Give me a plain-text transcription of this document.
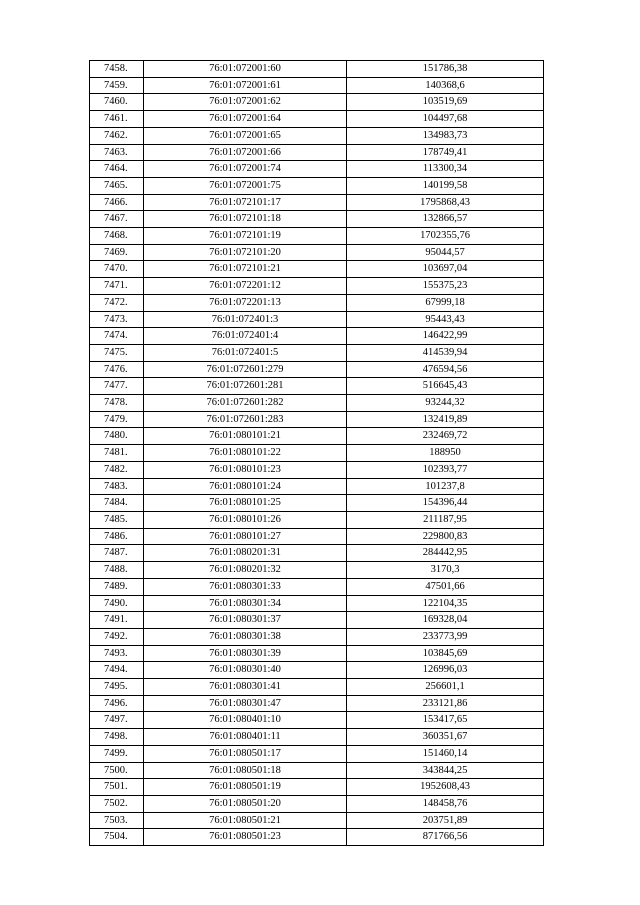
7458.	76:01:072001:60	151786,38
7459.	76:01:072001:61	140368,6
7460.	76:01:072001:62	103519,69
7461.	76:01:072001:64	104497,68
7462.	76:01:072001:65	134983,73
7463.	76:01:072001:66	178749,41
7464.	76:01:072001:74	113300,34
7465.	76:01:072001:75	140199,58
7466.	76:01:072101:17	1795868,43
7467.	76:01:072101:18	132866,57
7468.	76:01:072101:19	1702355,76
7469.	76:01:072101:20	95044,57
7470.	76:01:072101:21	103697,04
7471.	76:01:072201:12	155375,23
7472.	76:01:072201:13	67999,18
7473.	76:01:072401:3	95443,43
7474.	76:01:072401:4	146422,99
7475.	76:01:072401:5	414539,94
7476.	76:01:072601:279	476594,56
7477.	76:01:072601:281	516645,43
7478.	76:01:072601:282	93244,32
7479.	76:01:072601:283	132419,89
7480.	76:01:080101:21	232469,72
7481.	76:01:080101:22	188950
7482.	76:01:080101:23	102393,77
7483.	76:01:080101:24	101237,8
7484.	76:01:080101:25	154396,44
7485.	76:01:080101:26	211187,95
7486.	76:01:080101:27	229800,83
7487.	76:01:080201:31	284442,95
7488.	76:01:080201:32	3170,3
7489.	76:01:080301:33	47501,66
7490.	76:01:080301:34	122104,35
7491.	76:01:080301:37	169328,04
7492.	76:01:080301:38	233773,99
7493.	76:01:080301:39	103845,69
7494.	76:01:080301:40	126996,03
7495.	76:01:080301:41	256601,1
7496.	76:01:080301:47	233121,86
7497.	76:01:080401:10	153417,65
7498.	76:01:080401:11	360351,67
7499.	76:01:080501:17	151460,14
7500.	76:01:080501:18	343844,25
7501.	76:01:080501:19	1952608,43
7502.	76:01:080501:20	148458,76
7503.	76:01:080501:21	203751,89
7504.	76:01:080501:23	871766,56
